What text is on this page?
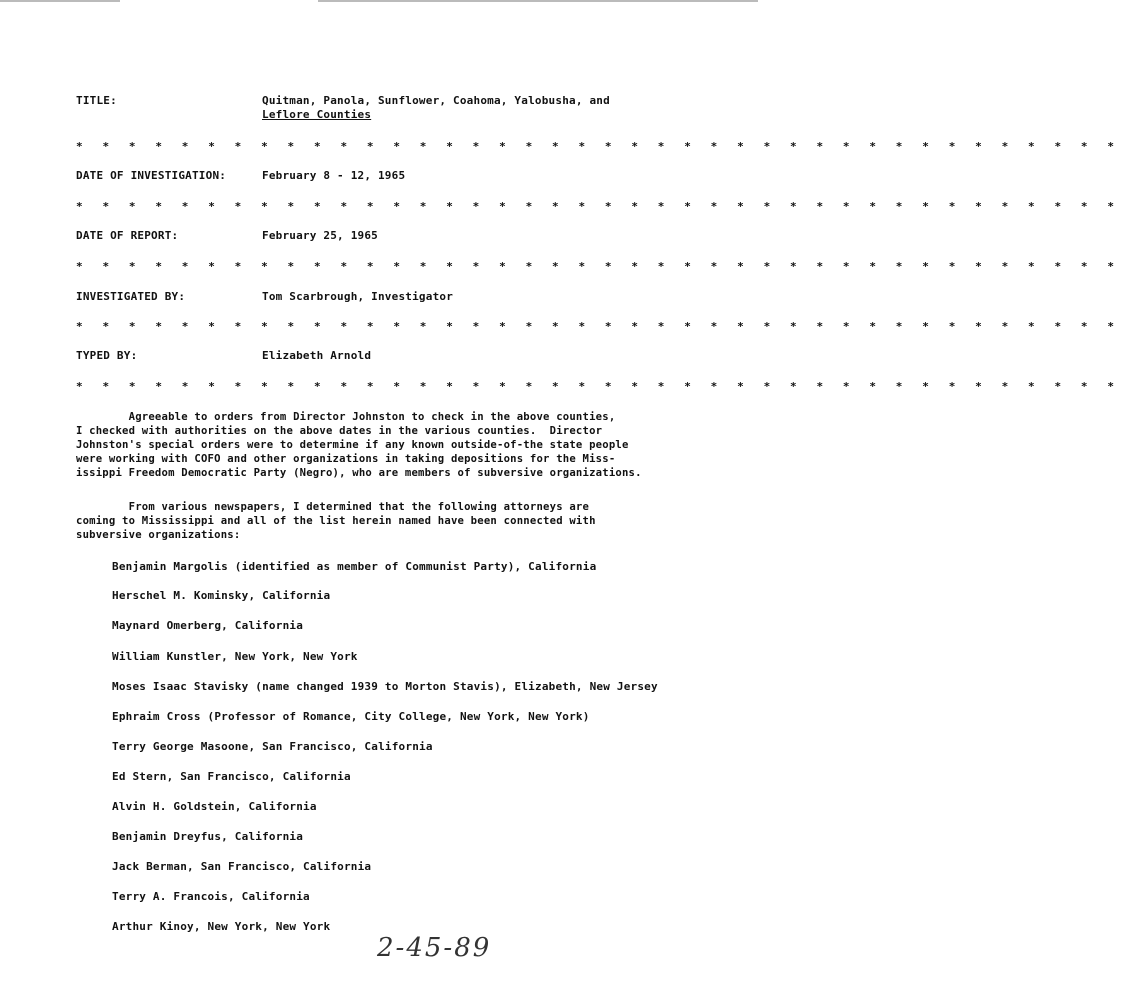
TITLE:	Quitman, Panola, Sunflower, Coahoma, Yalobusha, and
Leflore Counties
* * * * * * * * * * * * * * * * * * * * * * * * * * * * * * * * * * * * * * * *
DATE OF INVESTIGATION:	February 8 - 12, 1965
* * * * * * * * * * * * * * * * * * * * * * * * * * * * * * * * * * * * * * * *
DATE OF REPORT:	February 25, 1965
* * * * * * * * * * * * * * * * * * * * * * * * * * * * * * * * * * * * * * * *
INVESTIGATED BY:	Tom Scarbrough, Investigator
* * * * * * * * * * * * * * * * * * * * * * * * * * * * * * * * * * * * * * * *
TYPED BY:	Elizabeth Arnold
* * * * * * * * * * * * * * * * * * * * * * * * * * * * * * * * * * * * * * * *
Agreeable to orders from Director Johnston to check in the above counties,
I checked with authorities on the above dates in the various counties.  Director
Johnston's special orders were to determine if any known outside-of-the state people
were working with COFO and other organizations in taking depositions for the Miss-
issippi Freedom Democratic Party (Negro), who are members of subversive organizations.
From various newspapers, I determined that the following attorneys are
coming to Mississippi and all of the list herein named have been connected with
subversive organizations:
Benjamin Margolis (identified as member of Communist Party), California
Herschel M. Kominsky, California
Maynard Omerberg, California
William Kunstler, New York, New York
Moses Isaac Stavisky (name changed 1939 to Morton Stavis), Elizabeth, New Jersey
Ephraim Cross (Professor of Romance, City College, New York, New York)
Terry George Masoone, San Francisco, California
Ed Stern, San Francisco, California
Alvin H. Goldstein, California
Benjamin Dreyfus, California
Jack Berman, San Francisco, California
Terry A. Francois, California
Arthur Kinoy, New York, New York
2-45-89
